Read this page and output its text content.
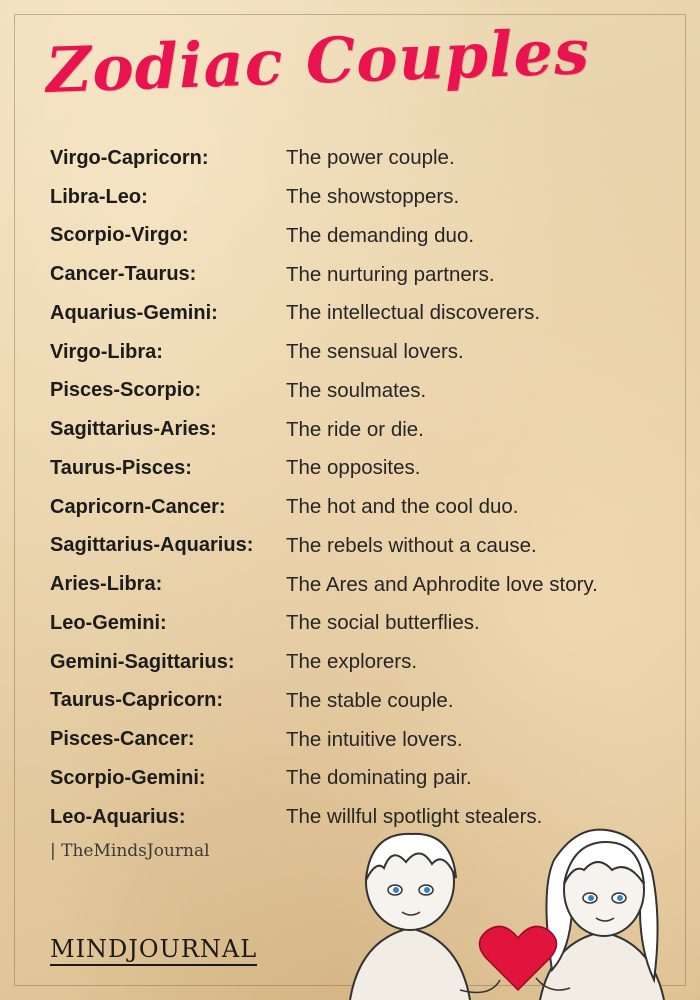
Zodiac Couples
Virgo-Capricorn:	The power couple.
Libra-Leo:	The showstoppers.
Scorpio-Virgo:	The demanding duo.
Cancer-Taurus:	The nurturing partners.
Aquarius-Gemini:	The intellectual discoverers.
Virgo-Libra:	The sensual lovers.
Pisces-Scorpio:	The soulmates.
Sagittarius-Aries:	The ride or die.
Taurus-Pisces:	The opposites.
Capricorn-Cancer:	The hot and the cool duo.
Sagittarius-Aquarius:	The rebels without a cause.
Aries-Libra:	The Ares and Aphrodite love story.
Leo-Gemini:	The social butterflies.
Gemini-Sagittarius:	The explorers.
Taurus-Capricorn:	The stable couple.
Pisces-Cancer:	The intuitive lovers.
Scorpio-Gemini:	The dominating pair.
Leo-Aquarius:	The willful spotlight stealers.
| TheMindsJournal
MINDJOURNAL
